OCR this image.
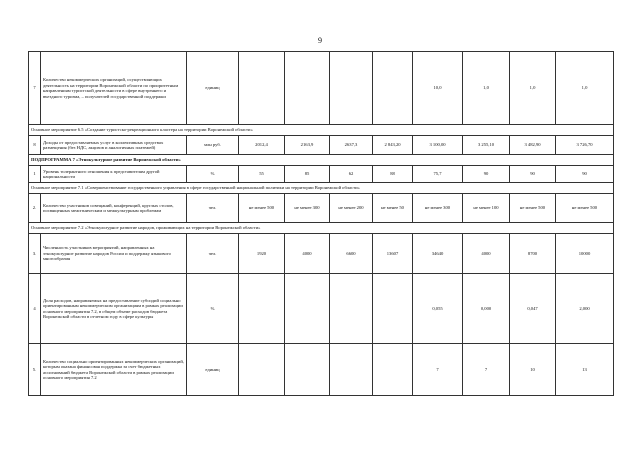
9
7	Количество некоммерческих организаций, осуществляющих деятельность на территории Воронежской области по приоритетным направлениям туристской деятельности в сфере внутреннего и въездного туризма, – получателей государственной поддержки	единиц					10,0	1,0	1,0	1,0
Основное мероприятие 6.5 «Создание туристско-рекреационного кластера на территории Воронежской области»										
8	Доходы от предоставляемых услуг в коллективных средствах размещения (без НДС, акцизов и аналогичных платежей)	млн руб.	2012,4	2163,9	2637,3	2 843,20	3 100,00	3 255,10	3 482,90	3 726,70
ПОДПРОГРАММА 7 «Этнокультурное развитие Воронежской области»										
1	Уровень толерантного отношения к представителям другой национальности	%	55	85	62	88	75,7	90	90	90
Основное мероприятие 7.1 «Совершенствование государственного управления в сфере государственной национальной политики на территории Воронежской области»										
2.	Количество участников совещаний, конференций, круглых столов, посвященных межэтническим и межкультурным проблемам	чел.	не менее 500	не менее 300	не менее 200	не менее 50	не менее 300	не менее 100	не менее 500	не менее 500
Основное мероприятие 7.2 «Этнокультурное развитие народов, проживающих на территории Воронежской области»										
3.	Численность участников мероприятий, направленных на этнокультурное развитие народов России и поддержку языкового многообразия	чел.	1920	4000	6600	13607	34640	4000	8700	10000
4	Доля расходов, направляемых на предоставление субсидий социально ориентированным некоммерческим организациям в рамках реализации основного мероприятия 7.2, в общем объеме расходов бюджета Воронежской области в отчетном году в сфере культуры	%					0,055	0,000	0,047	2,000
5.	Количество социально ориентированных некоммерческих организаций, которым оказана финансовая поддержка за счет бюджетных ассигнований бюджета Воронежской области в рамках реализации основного мероприятия 7.2	единиц					7	7	10	13
